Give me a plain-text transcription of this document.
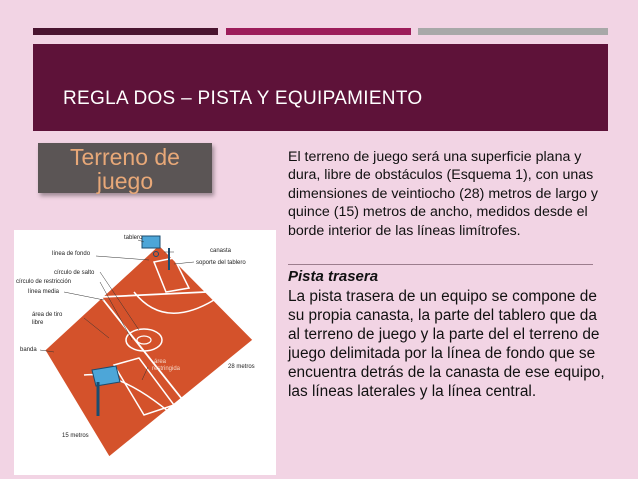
REGLA DOS – PISTA Y EQUIPAMIENTO
Terreno de
juego

El terreno de juego será una superficie plana y dura, libre de obstáculos (Esquema 1), con unas dimensiones de veintiocho (28) metros de largo y quince (15) metros de ancho, medidos desde el borde interior de las líneas limítrofes.

Pista trasera

La pista trasera de un equipo se compone de su propia canasta, la parte del tablero que da al terreno de juego y la parte del el terreno de juego delimitada por la línea de fondo que se encuentra detrás de la canasta de ese equipo, las líneas laterales y la línea central.

tablero
canasta
línea de fondo
soporte del tablero
círculo de salto
círculo de restricción
línea media
área de tiro
libre
banda
área
restringida	28 metros
15 metros
